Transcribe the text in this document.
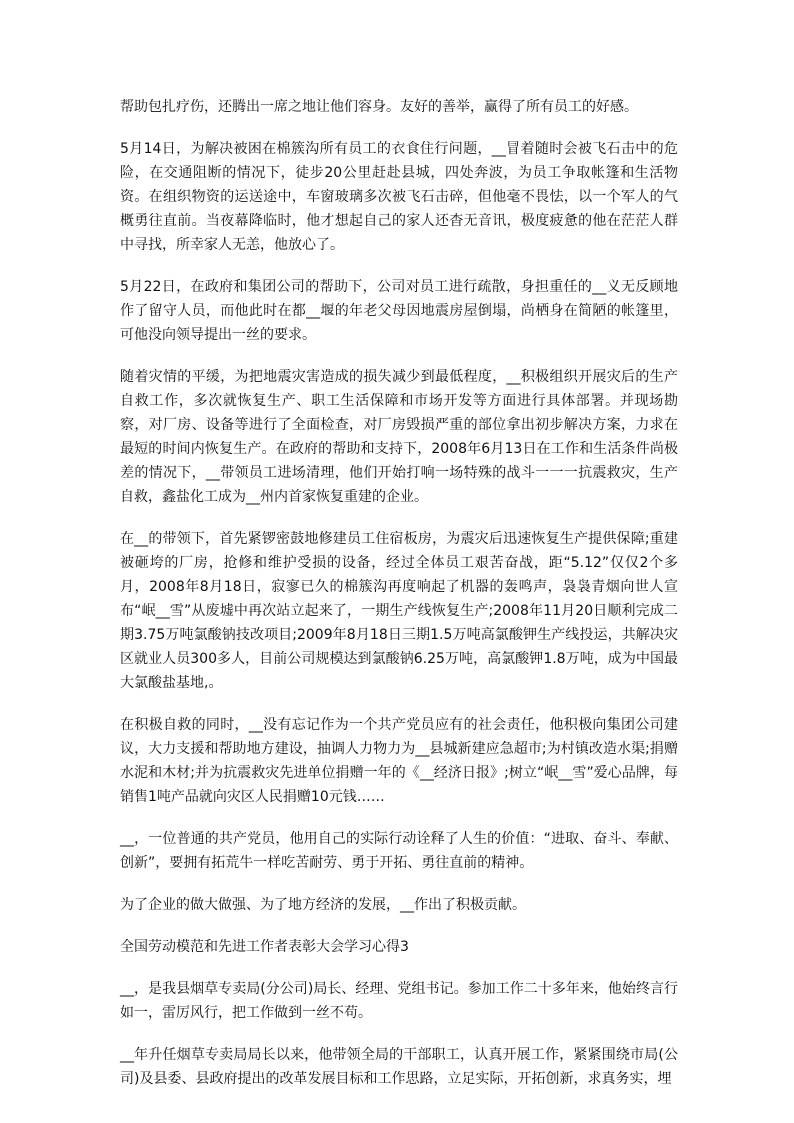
帮助包扎疗伤，还腾出一席之地让他们容身。友好的善举，赢得了所有员工的好感。

5月14日，为解决被困在棉簇沟所有员工的衣食住行问题，__冒着随时会被飞石击中的危险，在交通阻断的情况下，徒步20公里赶赴县城，四处奔波，为员工争取帐篷和生活物资。在组织物资的运送途中，车窗玻璃多次被飞石击碎，但他毫不畏怯，以一个军人的气概勇往直前。当夜幕降临时，他才想起自己的家人还杳无音讯，极度疲惫的他在茫茫人群中寻找，所幸家人无恙，他放心了。

5月22日，在政府和集团公司的帮助下，公司对员工进行疏散，身担重任的__义无反顾地作了留守人员，而他此时在都__堰的年老父母因地震房屋倒塌，尚栖身在简陋的帐篷里，可他没向领导提出一丝的要求。

随着灾情的平缓，为把地震灾害造成的损失减少到最低程度，__积极组织开展灾后的生产自救工作，多次就恢复生产、职工生活保障和市场开发等方面进行具体部署。并现场勘察，对厂房、设备等进行了全面检查，对厂房毁损严重的部位拿出初步解决方案，力求在最短的时间内恢复生产。在政府的帮助和支持下，2008年6月13日在工作和生活条件尚极差的情况下，__带领员工进场清理，他们开始打响一场特殊的战斗一一一抗震救灾，生产自救，鑫盐化工成为__州内首家恢复重建的企业。

在__的带领下，首先紧锣密鼓地修建员工住宿板房，为震灾后迅速恢复生产提供保障;重建被砸垮的厂房，抢修和维护受损的设备，经过全体员工艰苦奋战，距“5.12”仅仅2个多月，2008年8月18日，寂寥已久的棉簇沟再度响起了机器的轰鸣声，袅袅青烟向世人宣布“岷__雪”从废墟中再次站立起来了，一期生产线恢复生产;2008年11月20日顺利完成二期3.75万吨氯酸钠技改项目;2009年8月18日三期1.5万吨高氯酸钾生产线投运，共解决灾区就业人员300多人，目前公司规模达到氯酸钠6.25万吨，高氯酸钾1.8万吨，成为中国最大氯酸盐基地,。

在积极自救的同时，__没有忘记作为一个共产党员应有的社会责任，他积极向集团公司建议，大力支援和帮助地方建设，抽调人力物力为__县城新建应急超市;为村镇改造水渠;捐赠水泥和木材;并为抗震救灾先进单位捐赠一年的《__经济日报》;树立“岷__雪”爱心品牌，每销售1吨产品就向灾区人民捐赠10元钱……

__，一位普通的共产党员，他用自己的实际行动诠释了人生的价值：“进取、奋斗、奉献、创新”，要拥有拓荒牛一样吃苦耐劳、勇于开拓、勇往直前的精神。

为了企业的做大做强、为了地方经济的发展，__作出了积极贡献。

全国劳动模范和先进工作者表彰大会学习心得3

__，是我县烟草专卖局(分公司)局长、经理、党组书记。参加工作二十多年来，他始终言行如一，雷厉风行，把工作做到一丝不苟。

__年升任烟草专卖局局长以来，他带领全局的干部职工，认真开展工作，紧紧围绕市局(公司)及县委、县政府提出的改革发展目标和工作思路，立足实际，开拓创新，求真务实，埋
